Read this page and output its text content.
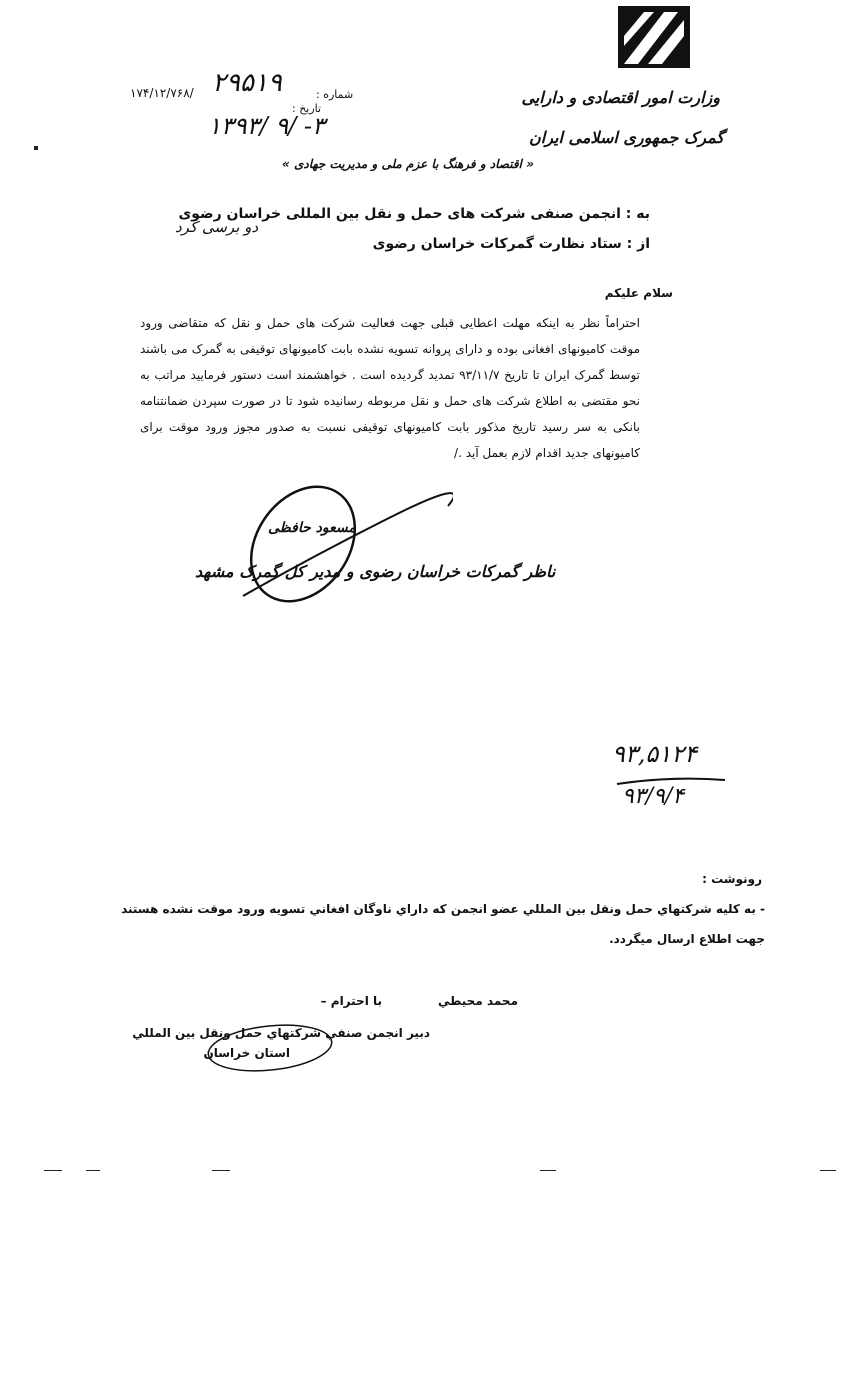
وزارت امور اقتصادی و دارایی
گمرک جمهوری اسلامی ایران
شماره :
تاریخ :
۲۹۵۱۹
۱۷۴/۱۲/۷۶۸/
۱۳۹۳/ ۹/ -۳
« اقتصاد و فرهنگ با عزم ملی و مدیریت جهادی »
به : انجمن صنفی شرکت های حمل و نقل بین المللی خراسان رضوی
از : ستاد نظارت گمرکات خراسان رضوی
دو برسی کرد
سلام علیکم
احتراماً نظر به اینکه مهلت اعطایی قبلی جهت فعالیت شرکت های حمل و نقل که متقاضی ورود موقت کامیونهای افغانی بوده و دارای پروانه تسویه نشده بابت کامیونهای توقیفی به گمرک می باشند توسط گمرک ایران تا تاریخ ۹۳/۱۱/۷ تمدید گردیده است . خواهشمند است دستور فرمایید مراتب به نحو مقتضی به اطلاع شرکت های حمل و نقل مربوطه رسانیده شود تا در صورت سپردن ضمانتنامه بانکی به سر رسید تاریخ مذکور بابت کامیونهای توقیفی نسبت به صدور مجوز ورود موقت برای کامیونهای جدید اقدام لازم بعمل آید ./
مسعود حافظی
ناظر گمرکات خراسان رضوی و مدیر کل گمرک مشهد
۹۳,۵۱۲۴
۹۳/۹/۴
رونوشت :
- به کلیه شرکتهاي حمل ونقل بين المللي عضو انجمن که داراي ناوگان افغاني تسويه ورود موقت نشده هستند
جهت اطلاع ارسال ميگردد.
با احترام –	محمد محيطي
دبير انجمن صنفي شرکتهاي حمل ونقل بين المللي
استان خراسان
